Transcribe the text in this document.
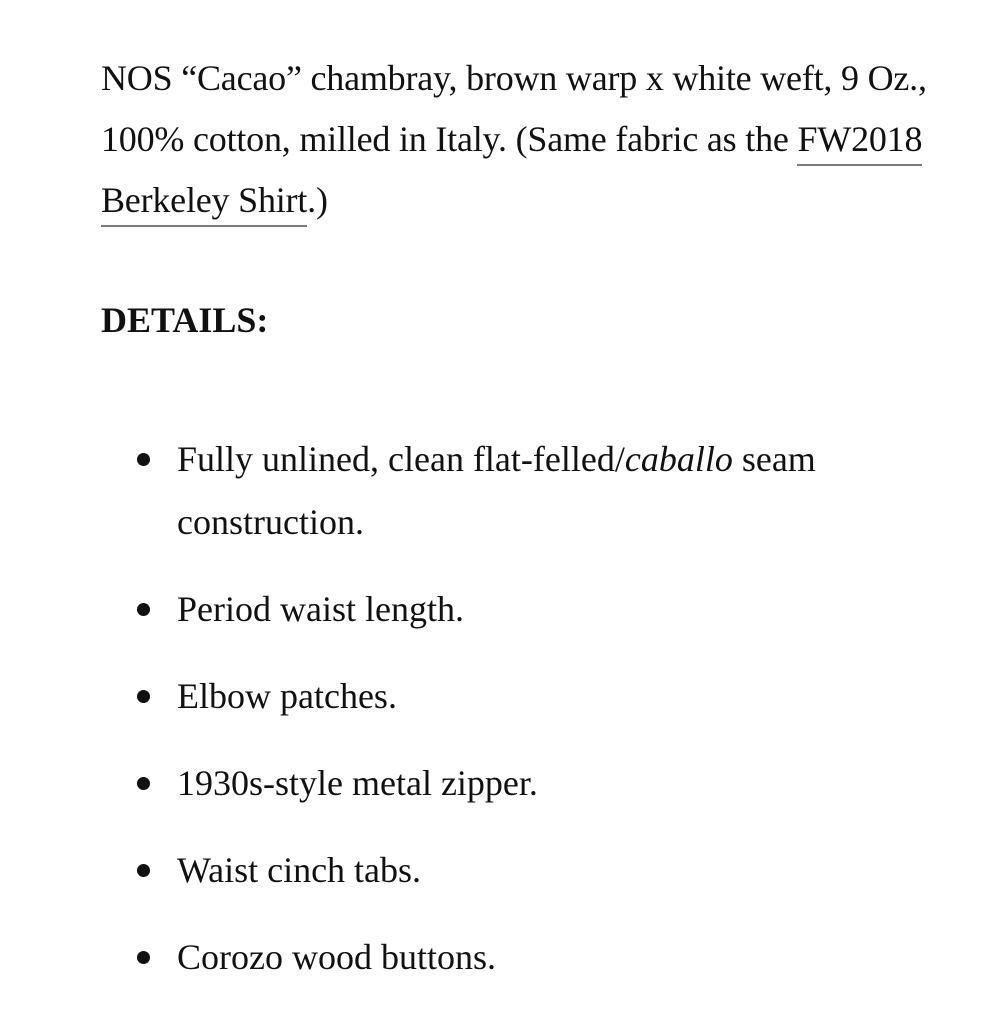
NOS “Cacao” chambray, brown warp x white weft, 9 Oz., 100% cotton, milled in Italy. (Same fabric as the FW2018 Berkeley Shirt.)

DETAILS:
Fully unlined, clean flat-felled/caballo seam construction.
Period waist length.
Elbow patches.
1930s-style metal zipper.
Waist cinch tabs.
Corozo wood buttons.
